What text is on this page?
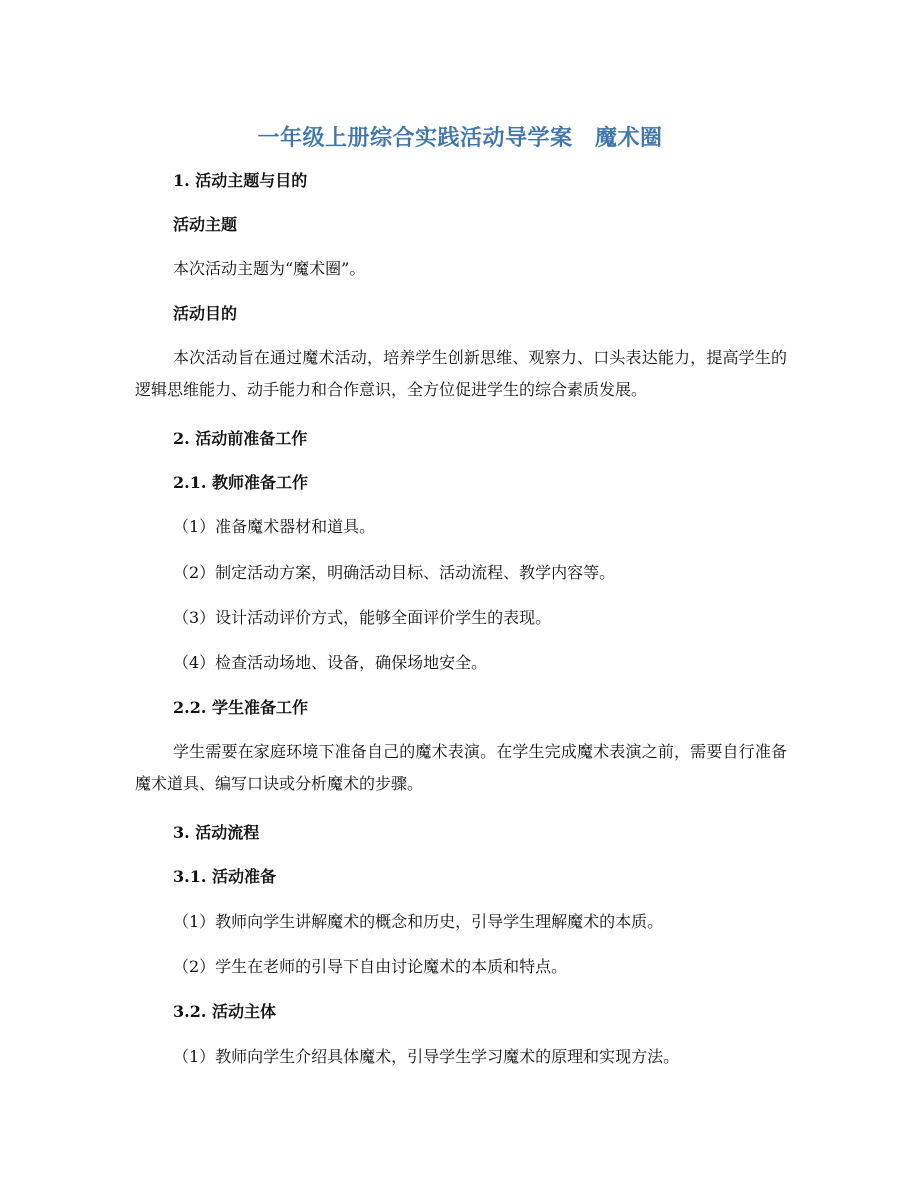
一年级上册综合实践活动导学案　魔术圈
1. 活动主题与目的
活动主题
本次活动主题为“魔术圈”。
活动目的
本次活动旨在通过魔术活动，培养学生创新思维、观察力、口头表达能力，提高学生的逻辑思维能力、动手能力和合作意识，全方位促进学生的综合素质发展。
2. 活动前准备工作
2.1. 教师准备工作
（1）准备魔术器材和道具。
（2）制定活动方案，明确活动目标、活动流程、教学内容等。
（3）设计活动评价方式，能够全面评价学生的表现。
（4）检查活动场地、设备，确保场地安全。
2.2. 学生准备工作
学生需要在家庭环境下准备自己的魔术表演。在学生完成魔术表演之前，需要自行准备魔术道具、编写口诀或分析魔术的步骤。
3. 活动流程
3.1. 活动准备
（1）教师向学生讲解魔术的概念和历史，引导学生理解魔术的本质。
（2）学生在老师的引导下自由讨论魔术的本质和特点。
3.2. 活动主体
（1）教师向学生介绍具体魔术，引导学生学习魔术的原理和实现方法。
